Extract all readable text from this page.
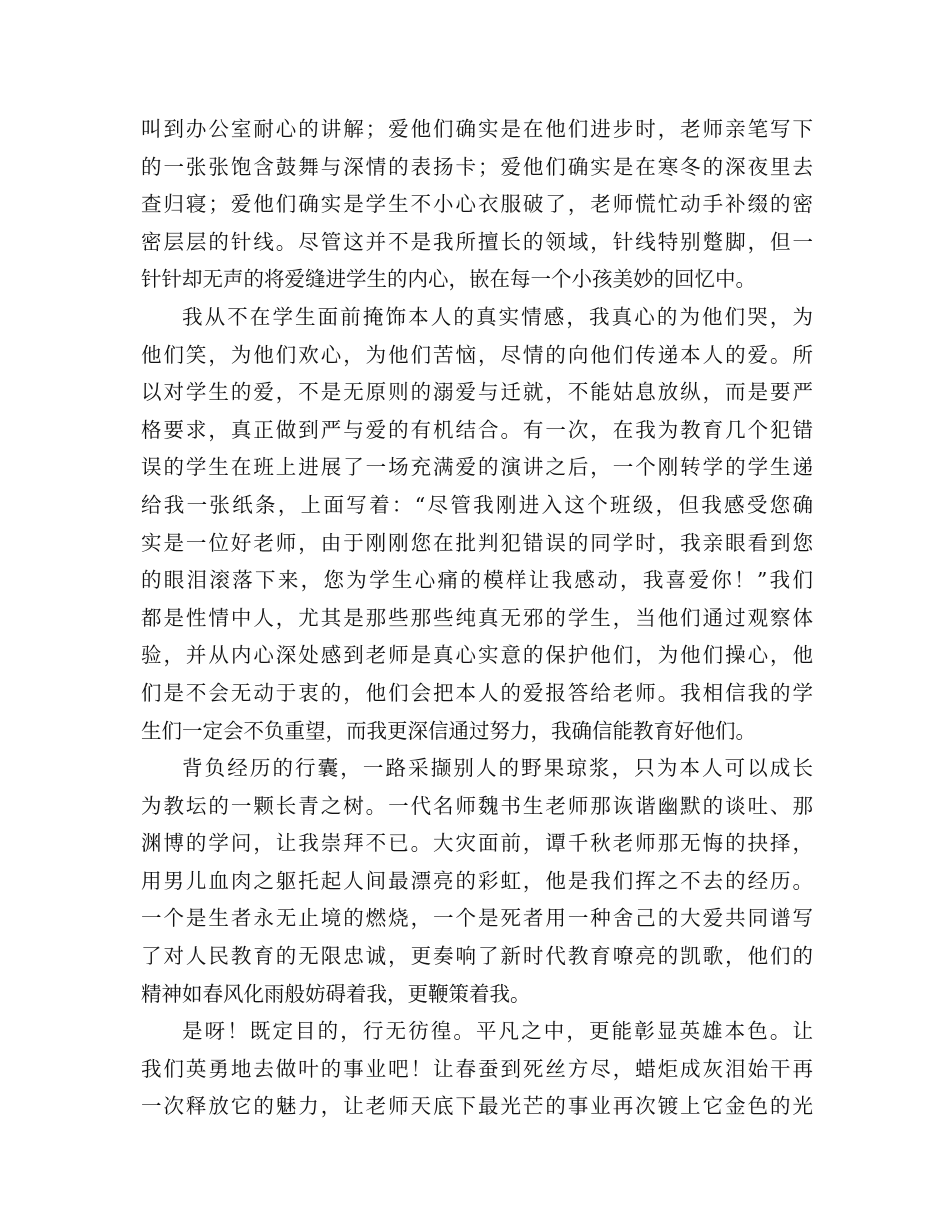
叫到办公室耐心的讲解；爱他们确实是在他们进步时，老师亲笔写下
的一张张饱含鼓舞与深情的表扬卡；爱他们确实是在寒冬的深夜里去
查归寝；爱他们确实是学生不小心衣服破了，老师慌忙动手补缀的密
密层层的针线。尽管这并不是我所擅长的领域，针线特别蹩脚，但一
针针却无声的将爱缝进学生的内心，嵌在每一个小孩美妙的回忆中。
我从不在学生面前掩饰本人的真实情感，我真心的为他们哭，为
他们笑，为他们欢心，为他们苦恼，尽情的向他们传递本人的爱。所
以对学生的爱，不是无原则的溺爱与迁就，不能姑息放纵，而是要严
格要求，真正做到严与爱的有机结合。有一次，在我为教育几个犯错
误的学生在班上进展了一场充满爱的演讲之后，一个刚转学的学生递
给我一张纸条，上面写着：“尽管我刚进入这个班级，但我感受您确
实是一位好老师，由于刚刚您在批判犯错误的同学时，我亲眼看到您
的眼泪滚落下来，您为学生心痛的模样让我感动，我喜爱你！”我们
都是性情中人，尤其是那些那些纯真无邪的学生，当他们通过观察体
验，并从内心深处感到老师是真心实意的保护他们，为他们操心，他
们是不会无动于衷的，他们会把本人的爱报答给老师。我相信我的学
生们一定会不负重望，而我更深信通过努力，我确信能教育好他们。
背负经历的行囊，一路采撷别人的野果琼浆，只为本人可以成长
为教坛的一颗长青之树。一代名师魏书生老师那诙谐幽默的谈吐、那
渊博的学问，让我崇拜不已。大灾面前，谭千秋老师那无悔的抉择，
用男儿血肉之躯托起人间最漂亮的彩虹，他是我们挥之不去的经历。
一个是生者永无止境的燃烧，一个是死者用一种舍己的大爱共同谱写
了对人民教育的无限忠诚，更奏响了新时代教育嘹亮的凯歌，他们的
精神如春风化雨般妨碍着我，更鞭策着我。
是呀！既定目的，行无彷徨。平凡之中，更能彰显英雄本色。让
我们英勇地去做叶的事业吧！让春蚕到死丝方尽，蜡炬成灰泪始干再
一次释放它的魅力，让老师天底下最光芒的事业再次镀上它金色的光
